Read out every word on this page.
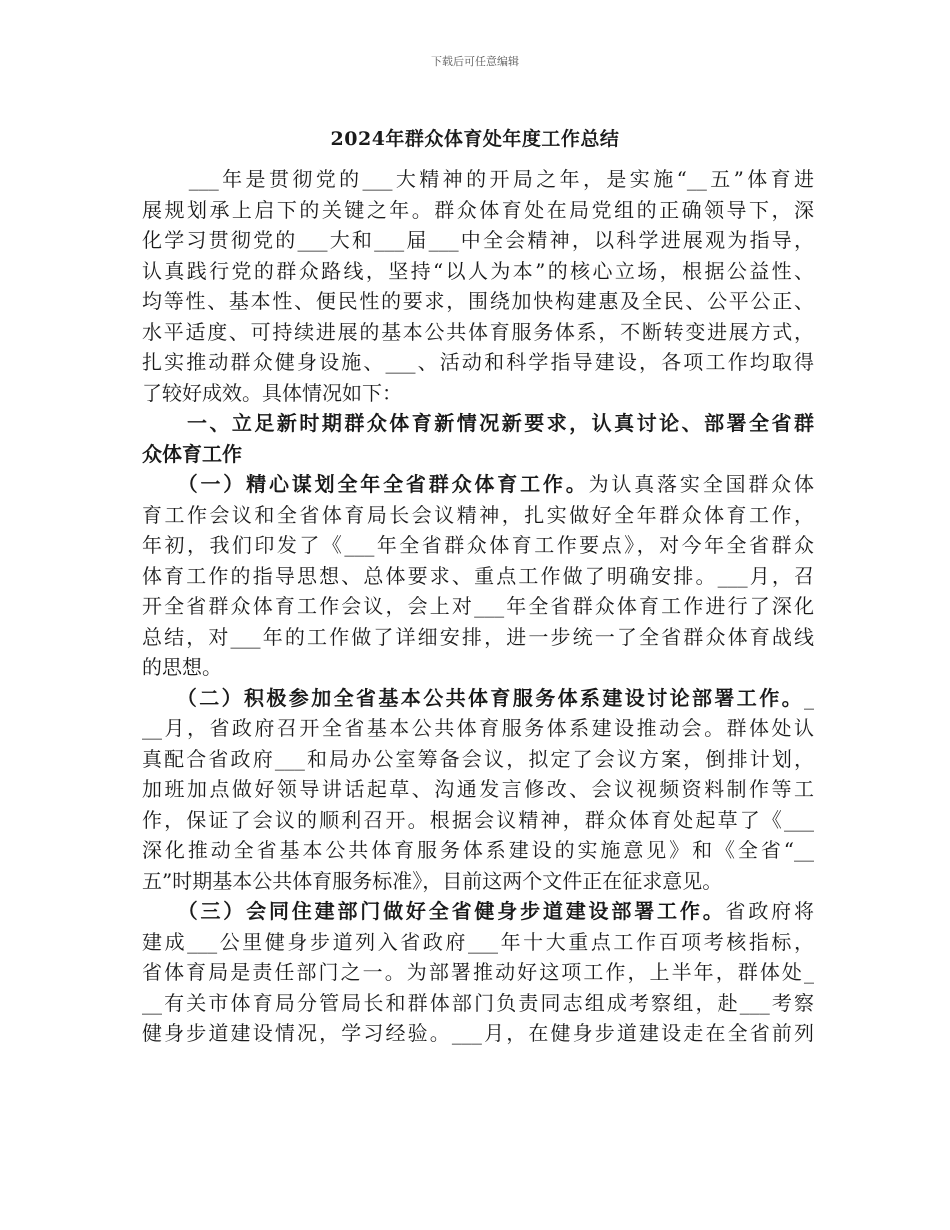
下载后可任意编辑
2024年群众体育处年度工作总结
　　___年是贯彻党的___大精神的开局之年，是实施“__五”体育进
展规划承上启下的关键之年。群众体育处在局党组的正确领导下，深
化学习贯彻党的___大和___届___中全会精神，以科学进展观为指导，
认真践行党的群众路线，坚持“以人为本”的核心立场，根据公益性、
均等性、基本性、便民性的要求，围绕加快构建惠及全民、公平公正、
水平适度、可持续进展的基本公共体育服务体系，不断转变进展方式，
扎实推动群众健身设施、___、活动和科学指导建设，各项工作均取得
了较好成效。具体情况如下：
　　一、立足新时期群众体育新情况新要求，认真讨论、部署全省群
众体育工作
　　（一）精心谋划全年全省群众体育工作。为认真落实全国群众体
育工作会议和全省体育局长会议精神，扎实做好全年群众体育工作，
年初，我们印发了《___年全省群众体育工作要点》，对今年全省群众
体育工作的指导思想、总体要求、重点工作做了明确安排。___月，召
开全省群众体育工作会议，会上对___年全省群众体育工作进行了深化
总结，对___年的工作做了详细安排，进一步统一了全省群众体育战线
的思想。
　　（二）积极参加全省基本公共体育服务体系建设讨论部署工作。_
__月，省政府召开全省基本公共体育服务体系建设推动会。群体处认
真配合省政府___和局办公室筹备会议，拟定了会议方案，倒排计划，
加班加点做好领导讲话起草、沟通发言修改、会议视频资料制作等工
作，保证了会议的顺利召开。根据会议精神，群众体育处起草了《___
深化推动全省基本公共体育服务体系建设的实施意见》和《全省“__
五”时期基本公共体育服务标准》，目前这两个文件正在征求意见。
　　（三）会同住建部门做好全省健身步道建设部署工作。省政府将
建成___公里健身步道列入省政府___年十大重点工作百项考核指标，
省体育局是责任部门之一。为部署推动好这项工作，上半年，群体处_
__有关市体育局分管局长和群体部门负责同志组成考察组，赴___考察
健身步道建设情况，学习经验。___月，在健身步道建设走在全省前列
